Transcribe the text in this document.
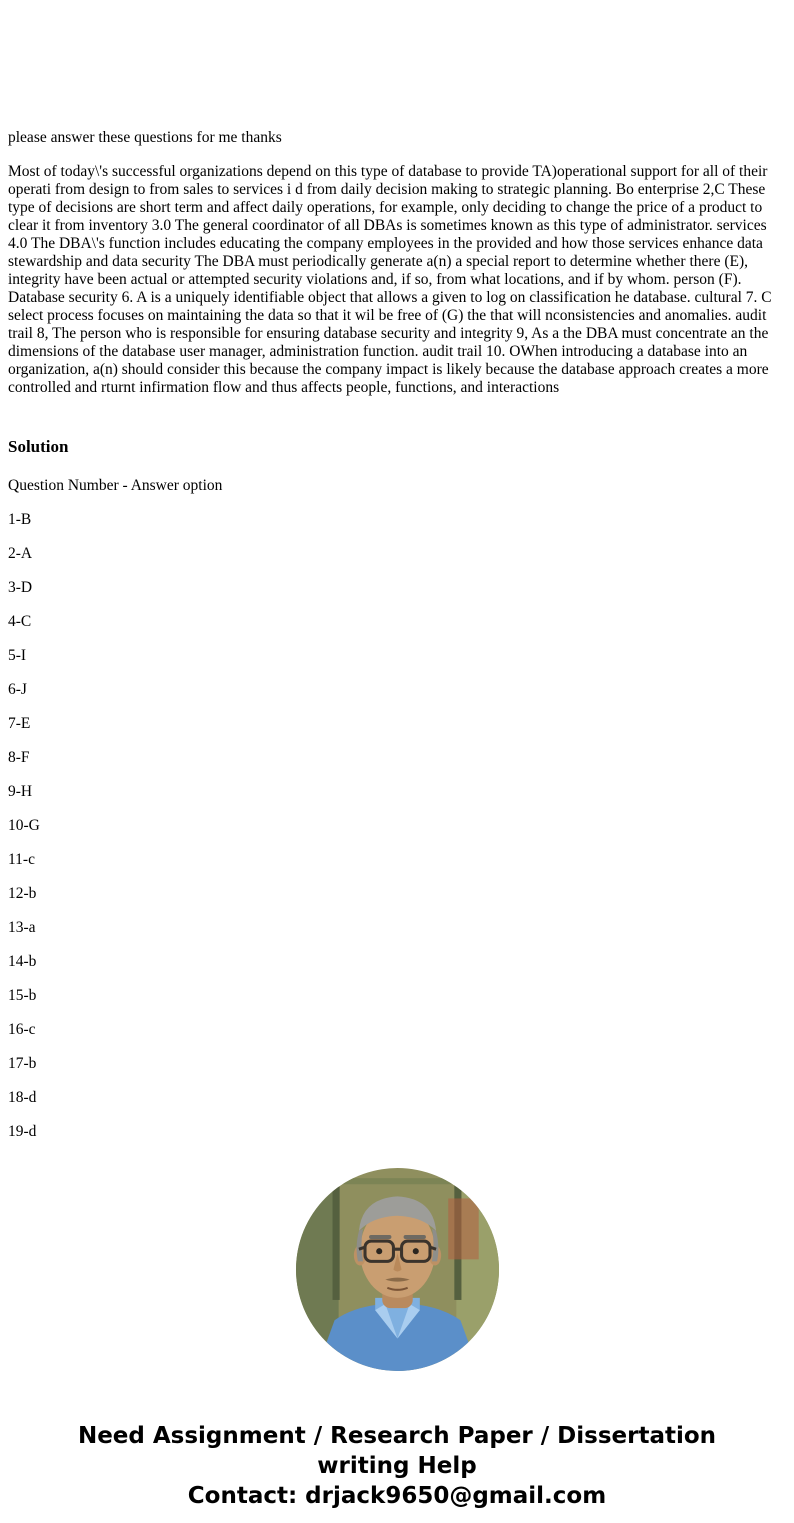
please answer these questions for me thanks

Most of today\'s successful organizations depend on this type of database to provide TA)operational support for all of their operati from design to from sales to services i d from daily decision making to strategic planning. Bo enterprise 2,C These type of decisions are short term and affect daily operations, for example, only deciding to change the price of a product to clear it from inventory 3.0 The general coordinator of all DBAs is sometimes known as this type of administrator. services 4.0 The DBA\'s function includes educating the company employees in the provided and how those services enhance data stewardship and data security The DBA must periodically generate a(n) a special report to determine whether there (E), integrity have been actual or attempted security violations and, if so, from what locations, and if by whom. person (F). Database security 6. A is a uniquely identifiable object that allows a given to log on classification he database. cultural 7. C select process focuses on maintaining the data so that it wil be free of (G) the that will nconsistencies and anomalies. audit trail 8, The person who is responsible for ensuring database security and integrity 9, As a the DBA must concentrate an the dimensions of the database user manager, administration function. audit trail 10. OWhen introducing a database into an organization, a(n) should consider this because the company impact is likely because the database approach creates a more controlled and rturnt infirmation flow and thus affects people, functions, and interactions

Solution

Question Number - Answer option

1-B

2-A

3-D

4-C

5-I

6-J

7-E

8-F

9-H

10-G

11-c

12-b

13-a

14-b

15-b

16-c

17-b

18-d

19-d

Need Assignment / Research Paper / Dissertation
writing Help
Contact: drjack9650@gmail.com
